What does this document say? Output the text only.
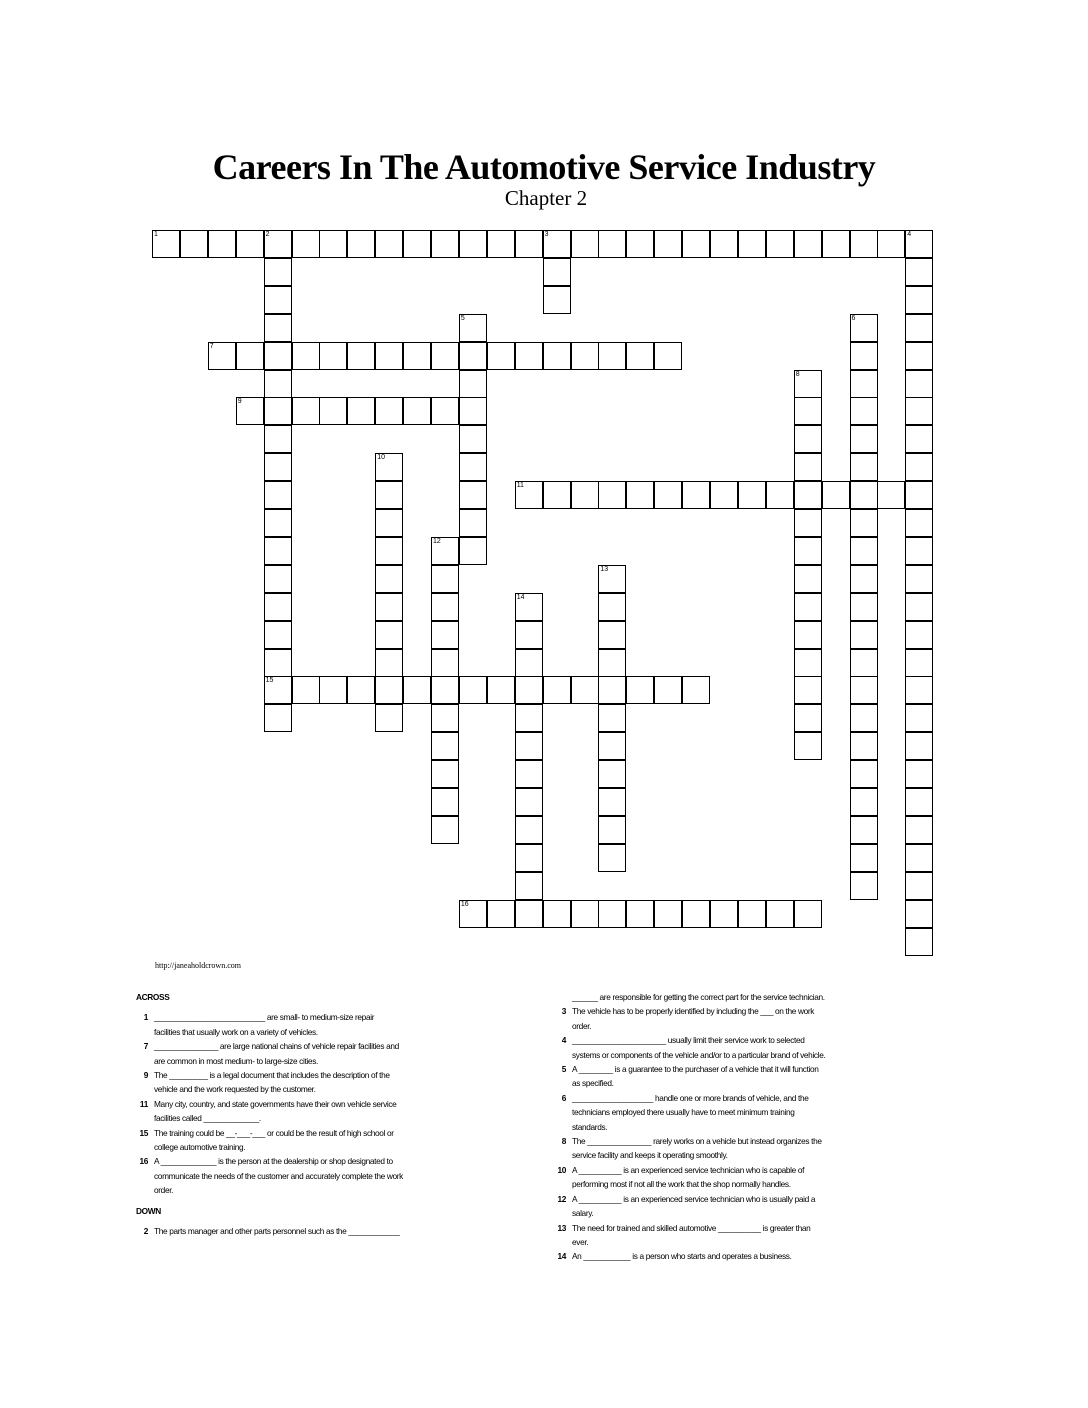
Careers In The Automotive Service Industry
Chapter 2
1	2	3	4
15
5	6
7
8
9
10
11
12
13
14
16
http://janeaholdcrown.com
ACROSS
1 __________________________ are small- to medium-size repair
facilities that usually work on a variety of vehicles.
7 _______________ are large national chains of vehicle repair facilities and
are common in most medium- to large-size cities.
9 The _________ is a legal document that includes the description of the
vehicle and the work requested by the customer.
11 Many city, country, and state governments have their own vehicle service
facilities called _____________.
15 The training could be __-___-___ or could be the result of high school or
college automotive training.
16 A _____________ is the person at the dealership or shop designated to
communicate the needs of the customer and accurately complete the work
order.
DOWN
2 The parts manager and other parts personnel such as the ____________
______ are responsible for getting the correct part for the service technician.
3 The vehicle has to be properly identified by including the ___ on the work
order.
4 ______________________ usually limit their service work to selected
systems or components of the vehicle and/or to a particular brand of vehicle.
5 A ________ is a guarantee to the purchaser of a vehicle that it will function
as specified.
6 ___________________ handle one or more brands of vehicle, and the
technicians employed there usually have to meet minimum training
standards.
8 The _______________ rarely works on a vehicle but instead organizes the
service facility and keeps it operating smoothly.
10 A __________ is an experienced service technician who is capable of
performing most if not all the work that the shop normally handles.
12 A __________ is an experienced service technician who is usually paid a
salary.
13 The need for trained and skilled automotive __________ is greater than
ever.
14 An ___________ is a person who starts and operates a business.
